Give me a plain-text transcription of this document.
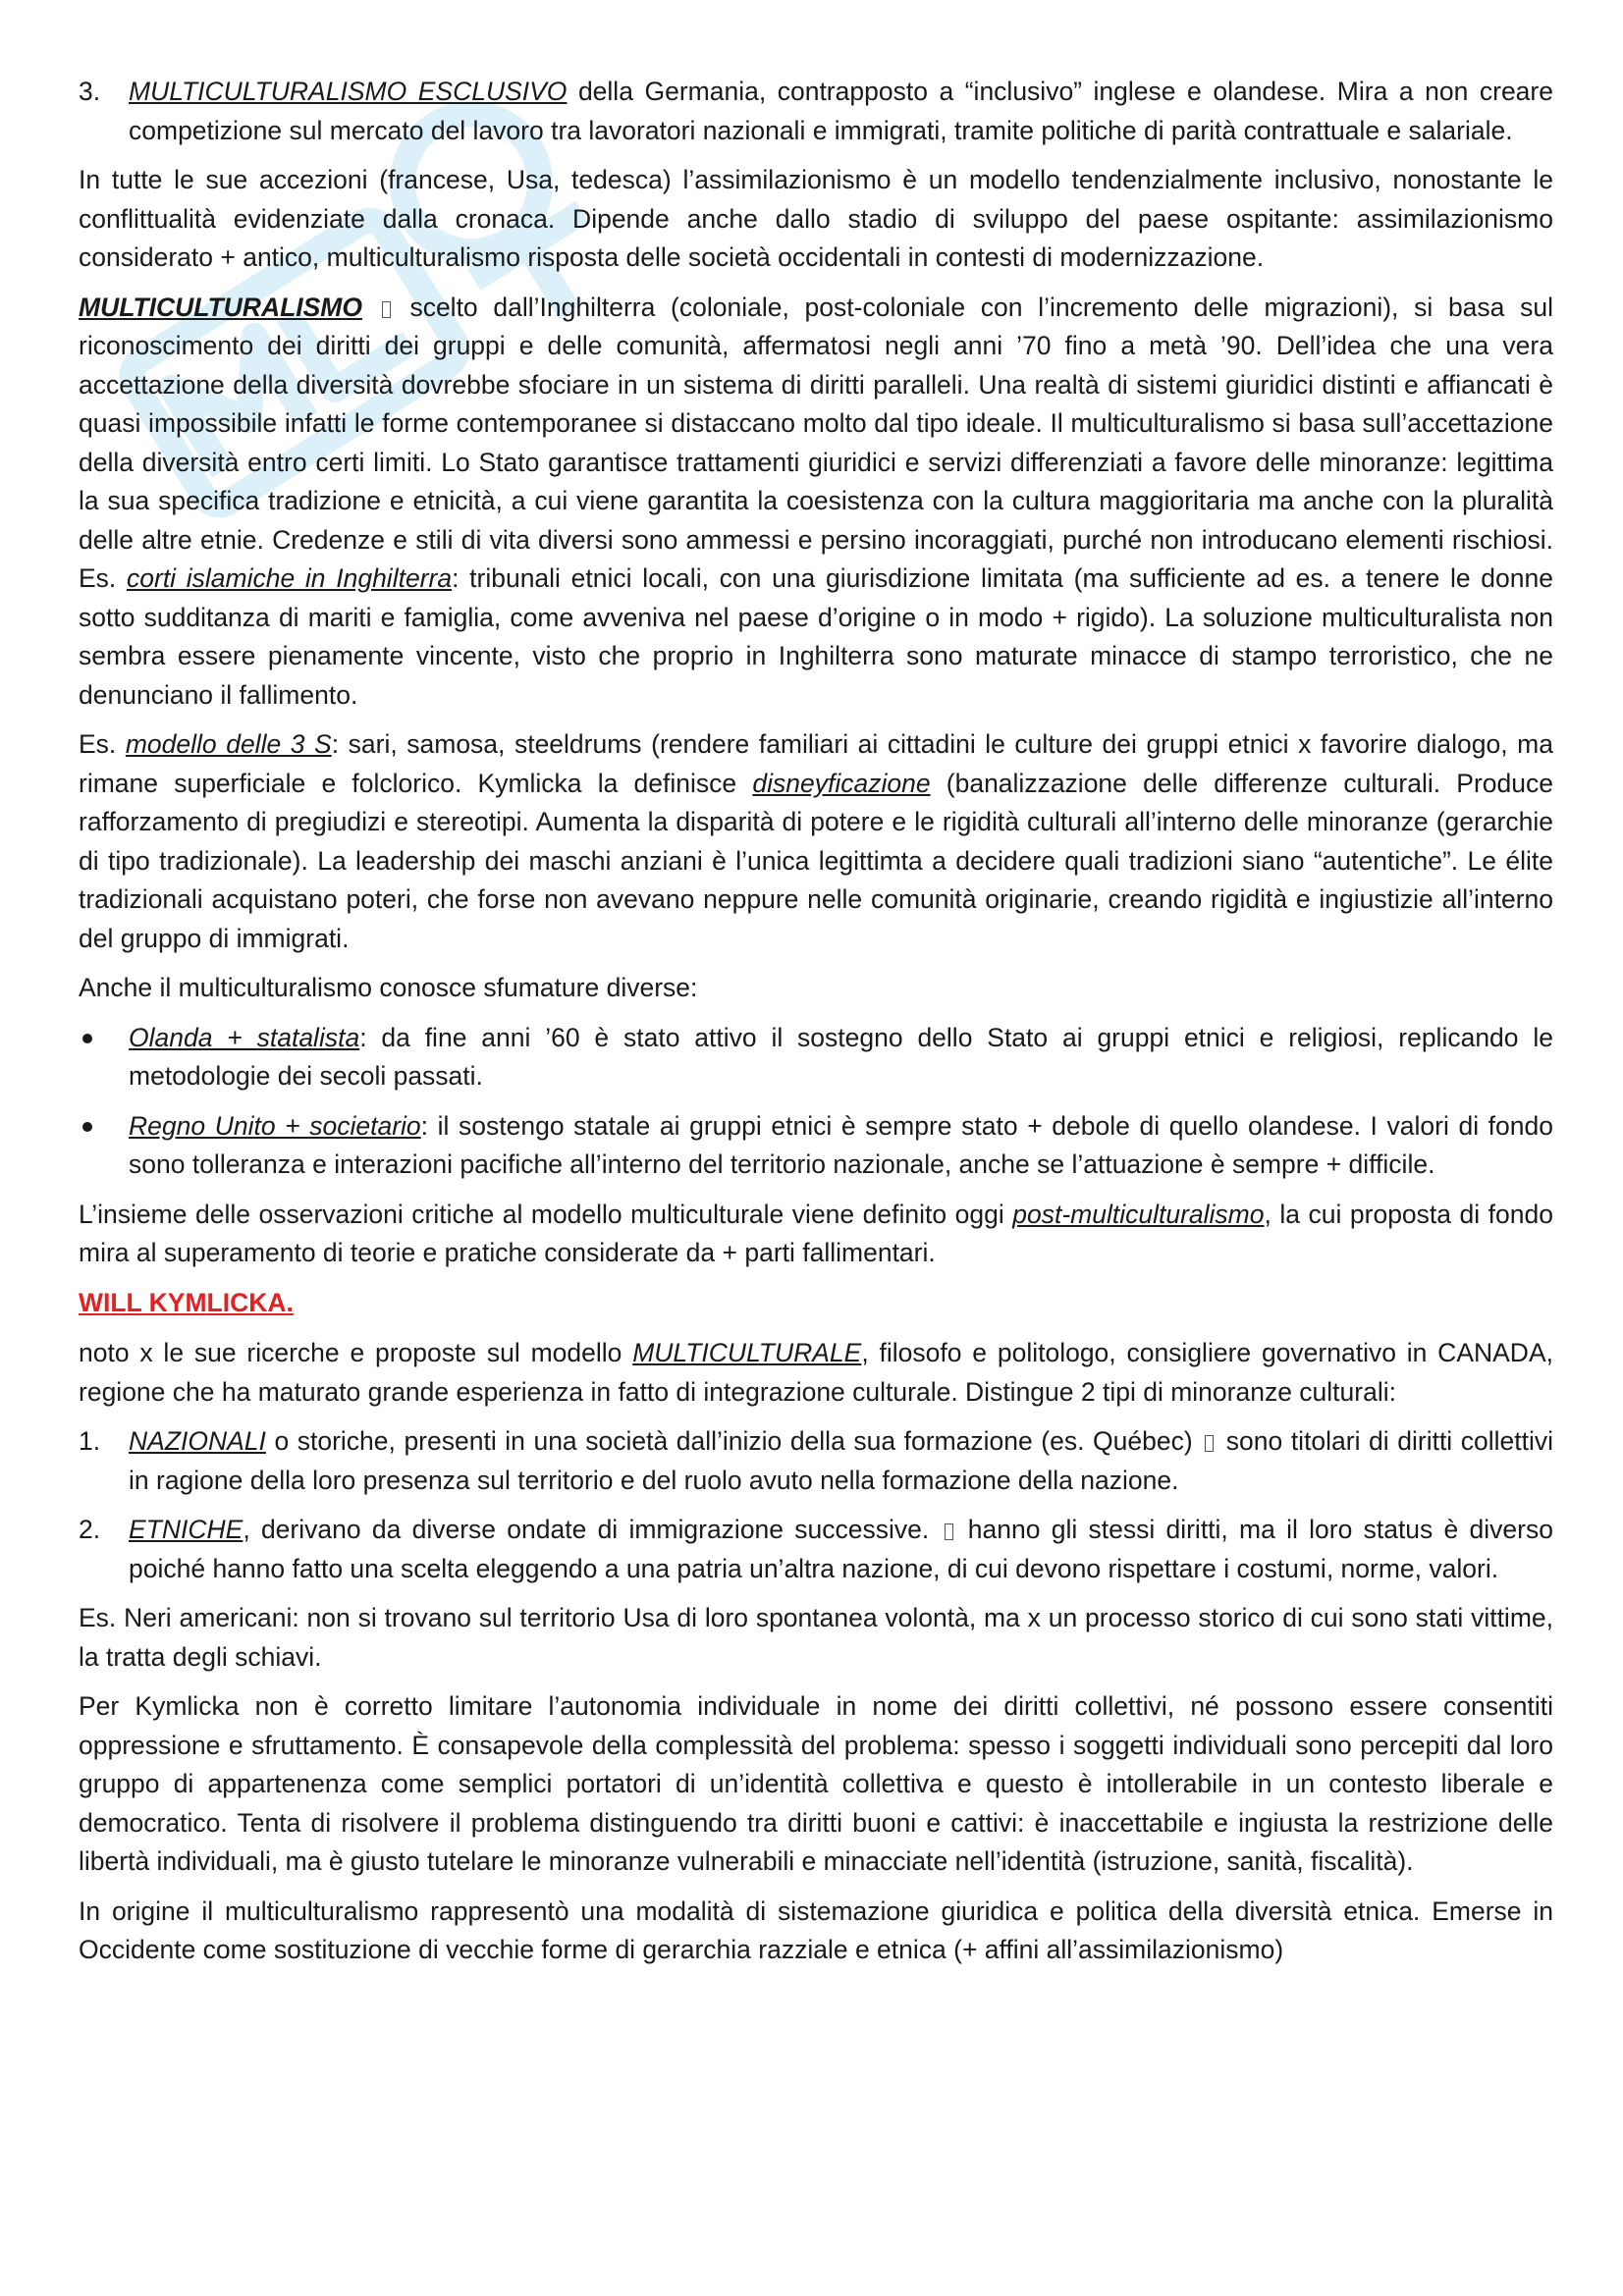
3. MULTICULTURALISMO ESCLUSIVO della Germania, contrapposto a “inclusivo” inglese e olandese. Mira a non creare competizione sul mercato del lavoro tra lavoratori nazionali e immigrati, tramite politiche di parità contrattuale e salariale.

In tutte le sue accezioni (francese, Usa, tedesca) l’assimilazionismo è un modello tendenzialmente inclusivo, nonostante le conflittualità evidenziate dalla cronaca. Dipende anche dallo stadio di sviluppo del paese ospitante: assimilazionismo considerato + antico, multiculturalismo risposta delle società occidentali in contesti di modernizzazione.

MULTICULTURALISMO scelto dall’Inghilterra (coloniale, post-coloniale con l’incremento delle migrazioni), si basa sul riconoscimento dei diritti dei gruppi e delle comunità, affermatosi negli anni ’70 fino a metà ’90. Dell’idea che una vera accettazione della diversità dovrebbe sfociare in un sistema di diritti paralleli. Una realtà di sistemi giuridici distinti e affiancati è quasi impossibile infatti le forme contemporanee si distaccano molto dal tipo ideale. Il multiculturalismo si basa sull’accettazione della diversità entro certi limiti. Lo Stato garantisce trattamenti giuridici e servizi differenziati a favore delle minoranze: legittima la sua specifica tradizione e etnicità, a cui viene garantita la coesistenza con la cultura maggioritaria ma anche con la pluralità delle altre etnie. Credenze e stili di vita diversi sono ammessi e persino incoraggiati, purché non introducano elementi rischiosi. Es. corti islamiche in Inghilterra: tribunali etnici locali, con una giurisdizione limitata (ma sufficiente ad es. a tenere le donne sotto sudditanza di mariti e famiglia, come avveniva nel paese d’origine o in modo + rigido). La soluzione multiculturalista non sembra essere pienamente vincente, visto che proprio in Inghilterra sono maturate minacce di stampo terroristico, che ne denunciano il fallimento.

Es. modello delle 3 S: sari, samosa, steeldrums (rendere familiari ai cittadini le culture dei gruppi etnici x favorire dialogo, ma rimane superficiale e folclorico. Kymlicka la definisce disneyficazione (banalizzazione delle differenze culturali. Produce rafforzamento di pregiudizi e stereotipi. Aumenta la disparità di potere e le rigidità culturali all’interno delle minoranze (gerarchie di tipo tradizionale). La leadership dei maschi anziani è l’unica legittimta a decidere quali tradizioni siano “autentiche”. Le élite tradizionali acquistano poteri, che forse non avevano neppure nelle comunità originarie, creando rigidità e ingiustizie all’interno del gruppo di immigrati.

Anche il multiculturalismo conosce sfumature diverse:

Olanda + statalista: da fine anni ’60 è stato attivo il sostegno dello Stato ai gruppi etnici e religiosi, replicando le metodologie dei secoli passati.
Regno Unito + societario: il sostengo statale ai gruppi etnici è sempre stato + debole di quello olandese. I valori di fondo sono tolleranza e interazioni pacifiche all’interno del territorio nazionale, anche se l’attuazione è sempre + difficile.

L’insieme delle osservazioni critiche al modello multiculturale viene definito oggi post-multiculturalismo, la cui proposta di fondo mira al superamento di teorie e pratiche considerate da + parti fallimentari.

WILL KYMLICKA.

noto x le sue ricerche e proposte sul modello MULTICULTURALE, filosofo e politologo, consigliere governativo in CANADA, regione che ha maturato grande esperienza in fatto di integrazione culturale. Distingue 2 tipi di minoranze culturali:

1. NAZIONALI o storiche, presenti in una società dall’inizio della sua formazione (es. Québec) sono titolari di diritti collettivi in ragione della loro presenza sul territorio e del ruolo avuto nella formazione della nazione.
2. ETNICHE, derivano da diverse ondate di immigrazione successive. hanno gli stessi diritti, ma il loro status è diverso poiché hanno fatto una scelta eleggendo a una patria un’altra nazione, di cui devono rispettare i costumi, norme, valori.

Es. Neri americani: non si trovano sul territorio Usa di loro spontanea volontà, ma x un processo storico di cui sono stati vittime, la tratta degli schiavi.

Per Kymlicka non è corretto limitare l’autonomia individuale in nome dei diritti collettivi, né possono essere consentiti oppressione e sfruttamento. È consapevole della complessità del problema: spesso i soggetti individuali sono percepiti dal loro gruppo di appartenenza come semplici portatori di un’identità collettiva e questo è intollerabile in un contesto liberale e democratico. Tenta di risolvere il problema distinguendo tra diritti buoni e cattivi: è inaccettabile e ingiusta la restrizione delle libertà individuali, ma è giusto tutelare le minoranze vulnerabili e minacciate nell’identità (istruzione, sanità, fiscalità).

In origine il multiculturalismo rappresentò una modalità di sistemazione giuridica e politica della diversità etnica. Emerse in Occidente come sostituzione di vecchie forme di gerarchia razziale e etnica (+ affini all’assimilazionismo)
